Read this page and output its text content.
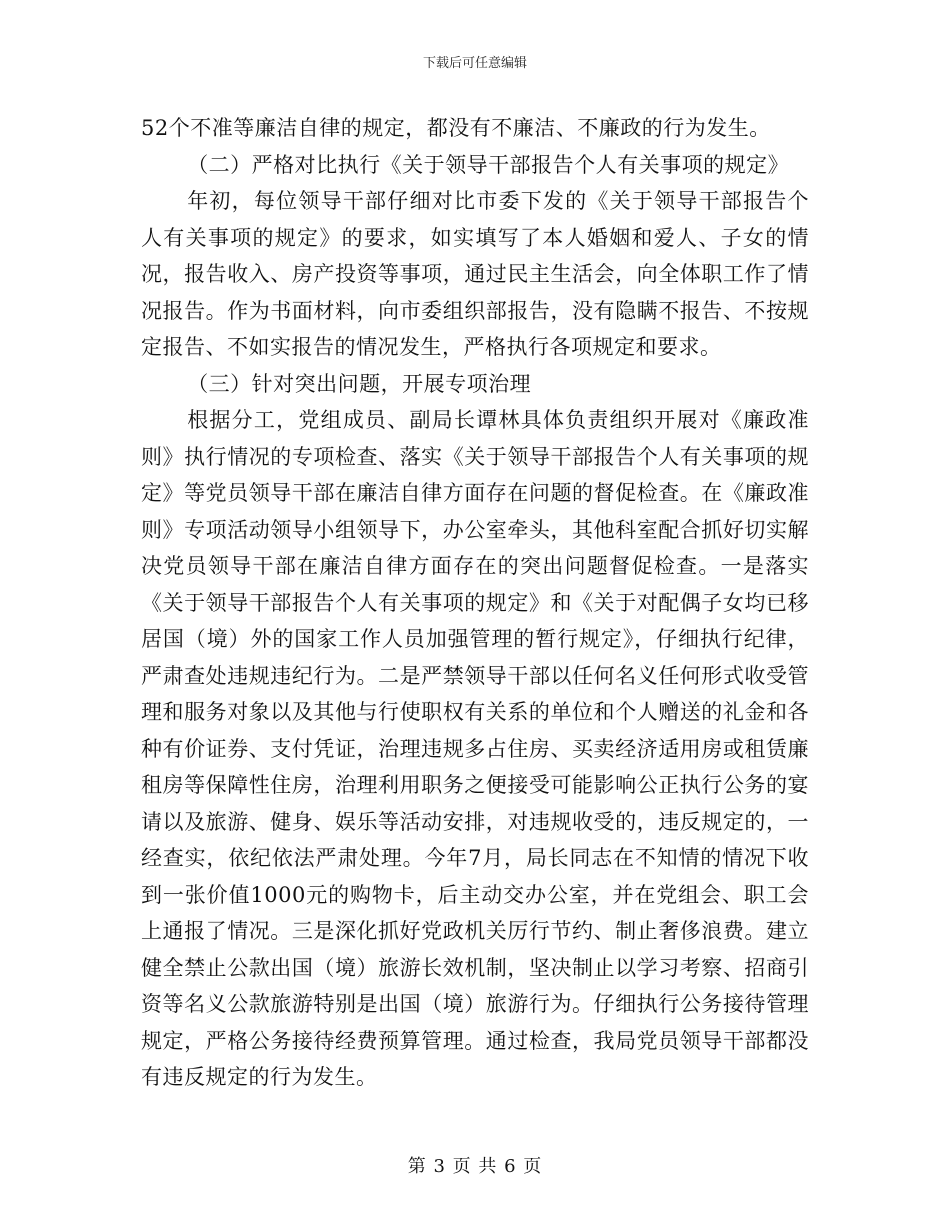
下载后可任意编辑

52个不准等廉洁自律的规定，都没有不廉洁、不廉政的行为发生。

（二）严格对比执行《关于领导干部报告个人有关事项的规定》

年初，每位领导干部仔细对比市委下发的《关于领导干部报告个人有关事项的规定》的要求，如实填写了本人婚姻和爱人、子女的情况，报告收入、房产投资等事项，通过民主生活会，向全体职工作了情况报告。作为书面材料，向市委组织部报告，没有隐瞒不报告、不按规定报告、不如实报告的情况发生，严格执行各项规定和要求。

（三）针对突出问题，开展专项治理

根据分工，党组成员、副局长谭林具体负责组织开展对《廉政准则》执行情况的专项检查、落实《关于领导干部报告个人有关事项的规定》等党员领导干部在廉洁自律方面存在问题的督促检查。在《廉政准则》专项活动领导小组领导下，办公室牵头，其他科室配合抓好切实解决党员领导干部在廉洁自律方面存在的突出问题督促检查。一是落实《关于领导干部报告个人有关事项的规定》和《关于对配偶子女均已移居国（境）外的国家工作人员加强管理的暂行规定》，仔细执行纪律，严肃查处违规违纪行为。二是严禁领导干部以任何名义任何形式收受管理和服务对象以及其他与行使职权有关系的单位和个人赠送的礼金和各种有价证券、支付凭证，治理违规多占住房、买卖经济适用房或租赁廉租房等保障性住房，治理利用职务之便接受可能影响公正执行公务的宴请以及旅游、健身、娱乐等活动安排，对违规收受的，违反规定的，一经查实，依纪依法严肃处理。今年7月，局长同志在不知情的情况下收到一张价值1000元的购物卡，后主动交办公室，并在党组会、职工会上通报了情况。三是深化抓好党政机关厉行节约、制止奢侈浪费。建立健全禁止公款出国（境）旅游长效机制，坚决制止以学习考察、招商引资等名义公款旅游特别是出国（境）旅游行为。仔细执行公务接待管理规定，严格公务接待经费预算管理。通过检查，我局党员领导干部都没有违反规定的行为发生。

第 3 页 共 6 页
